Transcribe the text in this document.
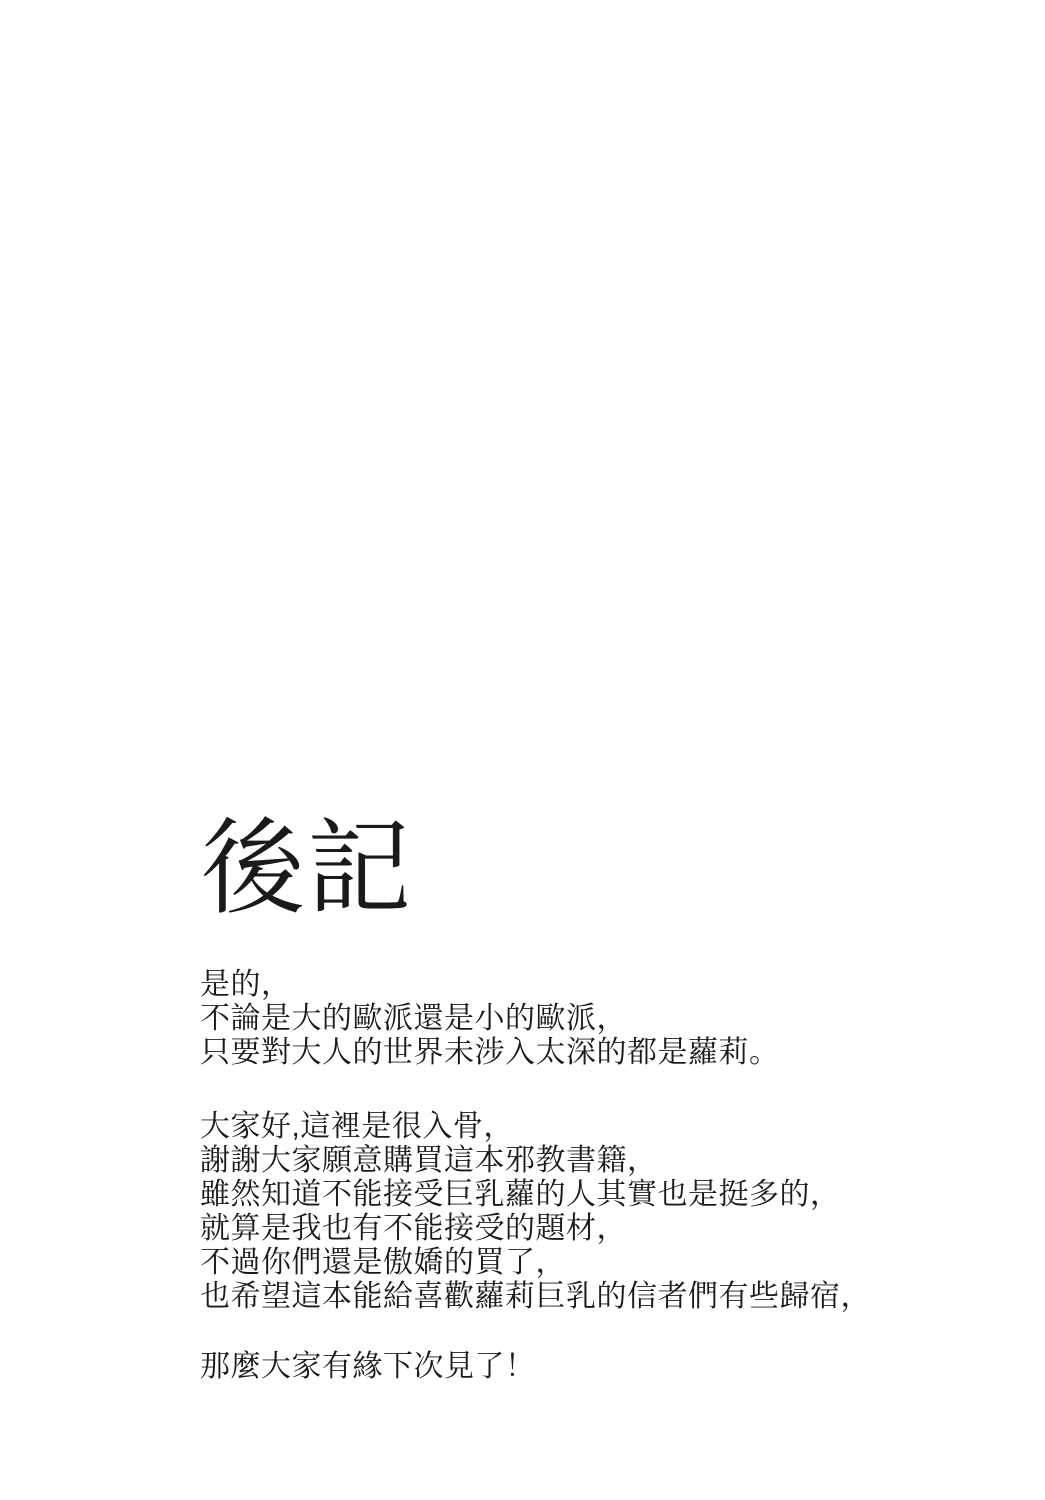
後記
是的，
不論是大的歐派還是小的歐派，
只要對大人的世界未涉入太深的都是蘿莉。
大家好,這裡是很入骨，
謝謝大家願意購買這本邪教書籍，
雖然知道不能接受巨乳蘿的人其實也是挺多的，
就算是我也有不能接受的題材，
不過你們還是傲嬌的買了，
也希望這本能給喜歡蘿莉巨乳的信者們有些歸宿，
那麼大家有緣下次見了！
